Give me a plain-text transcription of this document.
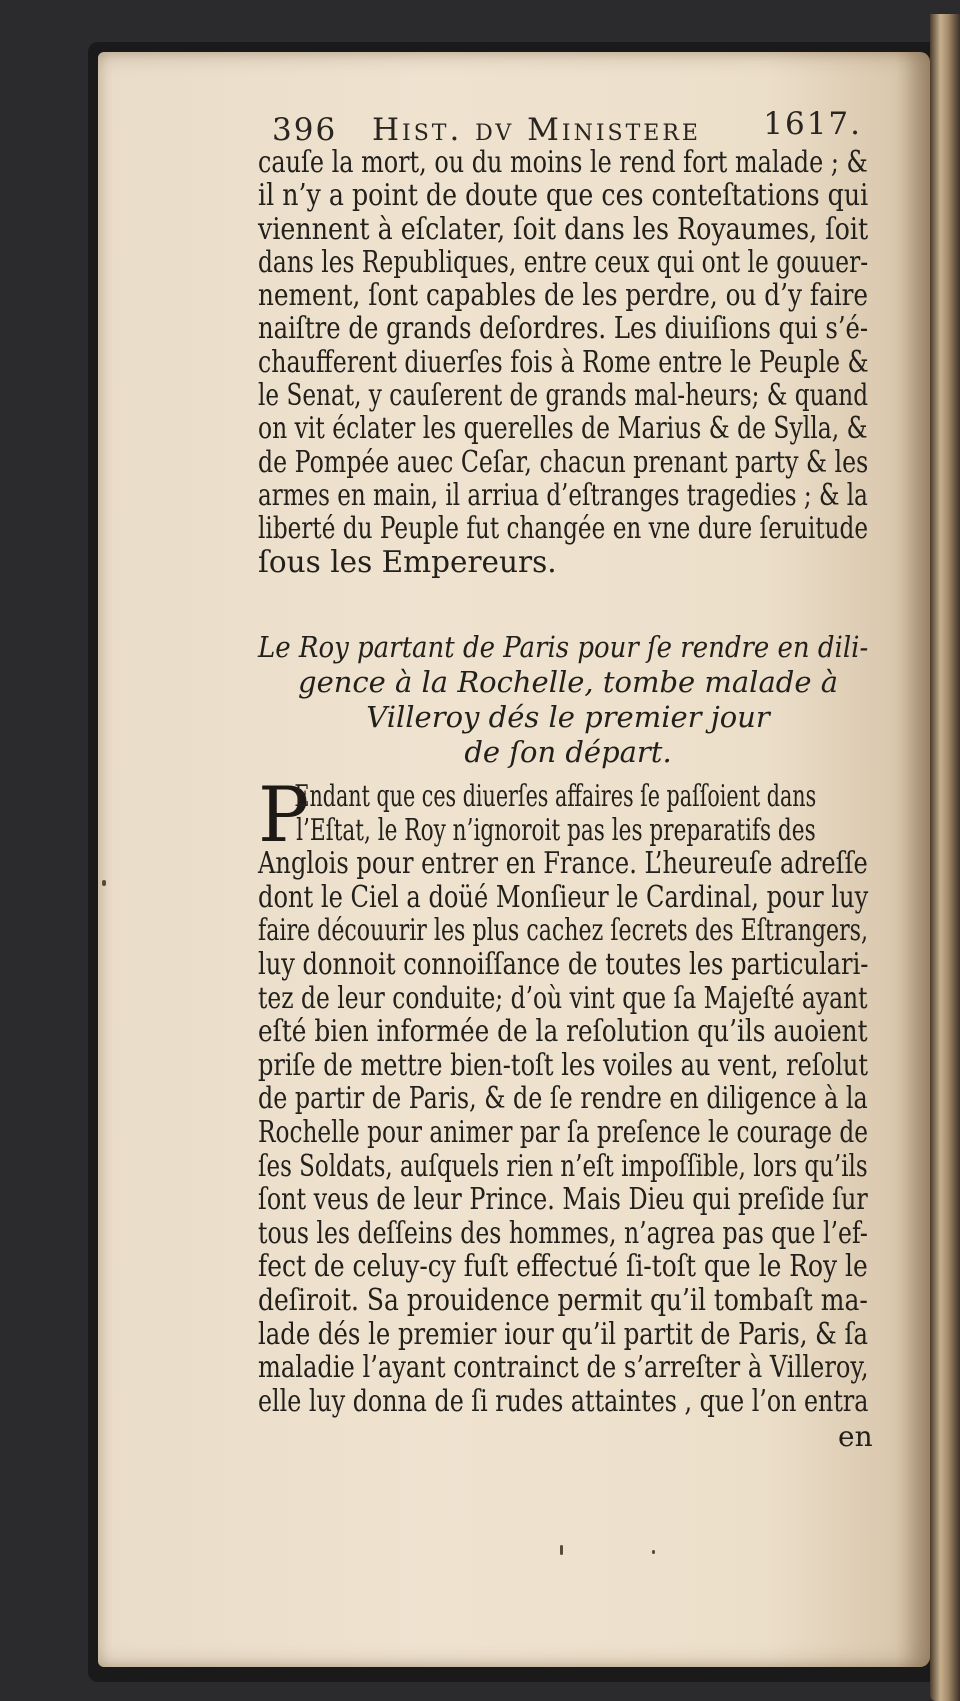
396 Hist. dv Ministere 1617.
cauſe la mort, ou du moins le rend fort malade ; &
il n’y a point de doute que ces conteſtations qui
viennent à eſclater, ſoit dans les Royaumes, ſoit
dans les Republiques, entre ceux qui ont le gouuer-
nement, ſont capables de les perdre, ou d’y faire
naiſtre de grands deſordres. Les diuiſions qui s’é-
chaufferent diuerſes fois à Rome entre le Peuple &
le Senat, y cauſerent de grands mal-heurs; & quand
on vit éclater les querelles de Marius & de Sylla, &
de Pompée auec Ceſar, chacun prenant party & les
armes en main, il arriua d’eſtranges tragedies ; & la
liberté du Peuple fut changée en vne dure ſeruitude
ſous les Empereurs.
Le Roy partant de Paris pour ſe rendre en dili-
gence à la Rochelle, tombe malade à
Villeroy dés le premier jour
de ſon départ.
P
Endant que ces diuerſes affaires ſe paſſoient dans
l’Eſtat, le Roy n’ignoroit pas les preparatifs des
Anglois pour entrer en France. L’heureuſe adreſſe
dont le Ciel a doüé Monſieur le Cardinal, pour luy
faire découurir les plus cachez ſecrets des Eſtrangers,
luy donnoit connoiſſance de toutes les particulari-
tez de leur conduite; d’où vint que ſa Majeſté ayant
eſté bien informée de la reſolution qu’ils auoient
priſe de mettre bien-toſt les voiles au vent, reſolut
de partir de Paris, & de ſe rendre en diligence à la
Rochelle pour animer par ſa preſence le courage de
ſes Soldats, auſquels rien n’eſt impoſſible, lors qu’ils
ſont veus de leur Prince. Mais Dieu qui preſide ſur
tous les deſſeins des hommes, n’agrea pas que l’ef-
fect de celuy-cy fuſt effectué ſi-toſt que le Roy le
deſiroit. Sa prouidence permit qu’il tombaſt ma-
lade dés le premier iour qu’il partit de Paris, & ſa
maladie l’ayant contrainct de s’arreſter à Villeroy,
elle luy donna de ſi rudes attaintes , que l’on entra
en
